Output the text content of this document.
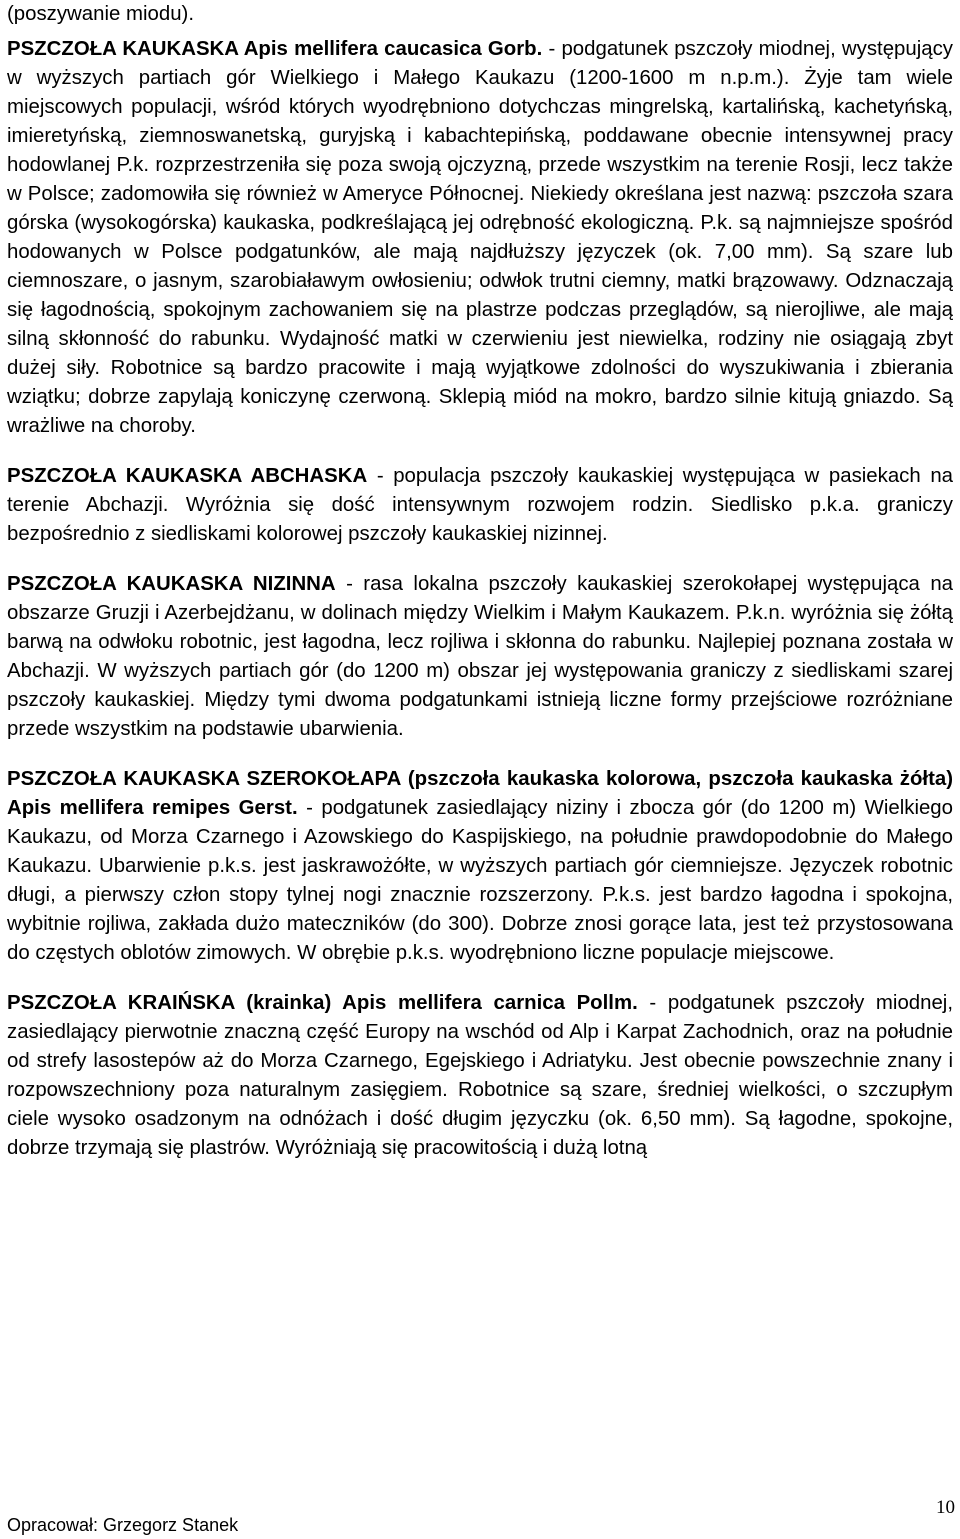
(poszywanie miodu).

PSZCZOŁA KAUKASKA Apis mellifera caucasica Gorb. - podgatunek pszczoły miodnej, występujący w wyższych partiach gór Wielkiego i Małego Kaukazu (1200-1600 m n.p.m.). Żyje tam wiele miejscowych populacji, wśród których wyodrębniono dotychczas mingrelską, kartalińską, kachetyńską, imieretyńską, ziemnoswanetską, guryjską i kabachtepińską, poddawane obecnie intensywnej pracy hodowlanej P.k. rozprzestrzeniła się poza swoją ojczyzną, przede wszystkim na terenie Rosji, lecz także w Polsce; zadomowiła się również w Ameryce Północnej. Niekiedy określana jest nazwą: pszczoła szara górska (wysokogórska) kaukaska, podkreślającą jej odrębność ekologiczną. P.k. są najmniejsze spośród hodowanych w Polsce podgatunków, ale mają najdłuższy języczek (ok. 7,00 mm). Są szare lub ciemnoszare, o jasnym, szarobiaławym owłosieniu; odwłok trutni ciemny, matki brązowawy. Odznaczają się łagodnością, spokojnym zachowaniem się na plastrze podczas przeglądów, są nierojliwe, ale mają silną skłonność do rabunku. Wydajność matki w czerwieniu jest niewielka, rodziny nie osiągają zbyt dużej siły. Robotnice są bardzo pracowite i mają wyjątkowe zdolności do wyszukiwania i zbierania wziątku; dobrze zapylają koniczynę czerwoną. Sklepią miód na mokro, bardzo silnie kitują gniazdo. Są wrażliwe na choroby.

PSZCZOŁA KAUKASKA ABCHASKA - populacja pszczoły kaukaskiej występująca w pasiekach na terenie Abchazji. Wyróżnia się dość intensywnym rozwojem rodzin. Siedlisko p.k.a. graniczy bezpośrednio z siedliskami kolorowej pszczoły kaukaskiej nizinnej.

PSZCZOŁA KAUKASKA NIZINNA - rasa lokalna pszczoły kaukaskiej szerokołapej występująca na obszarze Gruzji i Azerbejdżanu, w dolinach między Wielkim i Małym Kaukazem. P.k.n. wyróżnia się żółtą barwą na odwłoku robotnic, jest łagodna, lecz rojliwa i skłonna do rabunku. Najlepiej poznana została w Abchazji. W wyższych partiach gór (do 1200 m) obszar jej występowania graniczy z siedliskami szarej pszczoły kaukaskiej. Między tymi dwoma podgatunkami istnieją liczne formy przejściowe rozróżniane przede wszystkim na podstawie ubarwienia.

PSZCZOŁA KAUKASKA SZEROKOŁAPA (pszczoła kaukaska kolorowa, pszczoła kaukaska żółta) Apis mellifera remipes Gerst. - podgatunek zasiedlający niziny i zbocza gór (do 1200 m) Wielkiego Kaukazu, od Morza Czarnego i Azowskiego do Kaspijskiego, na południe prawdopodobnie do Małego Kaukazu. Ubarwienie p.k.s. jest jaskrawożółte, w wyższych partiach gór ciemniejsze. Języczek robotnic długi, a pierwszy człon stopy tylnej nogi znacznie rozszerzony. P.k.s. jest bardzo łagodna i spokojna, wybitnie rojliwa, zakłada dużo mateczników (do 300). Dobrze znosi gorące lata, jest też przystosowana do częstych oblotów zimowych. W obrębie p.k.s. wyodrębniono liczne populacje miejscowe.

PSZCZOŁA KRAIŃSKA (krainka) Apis mellifera carnica Pollm. - podgatunek pszczoły miodnej, zasiedlający pierwotnie znaczną część Europy na wschód od Alp i Karpat Zachodnich, oraz na południe od strefy lasostepów aż do Morza Czarnego, Egejskiego i Adriatyku. Jest obecnie powszechnie znany i rozpowszechniony poza naturalnym zasięgiem. Robotnice są szare, średniej wielkości, o szczupłym ciele wysoko osadzonym na odnóżach i dość długim języczku (ok. 6,50 mm). Są łagodne, spokojne, dobrze trzymają się plastrów. Wyróżniają się pracowitością i dużą lotną

Opracował: Grzegorz Stanek
10
